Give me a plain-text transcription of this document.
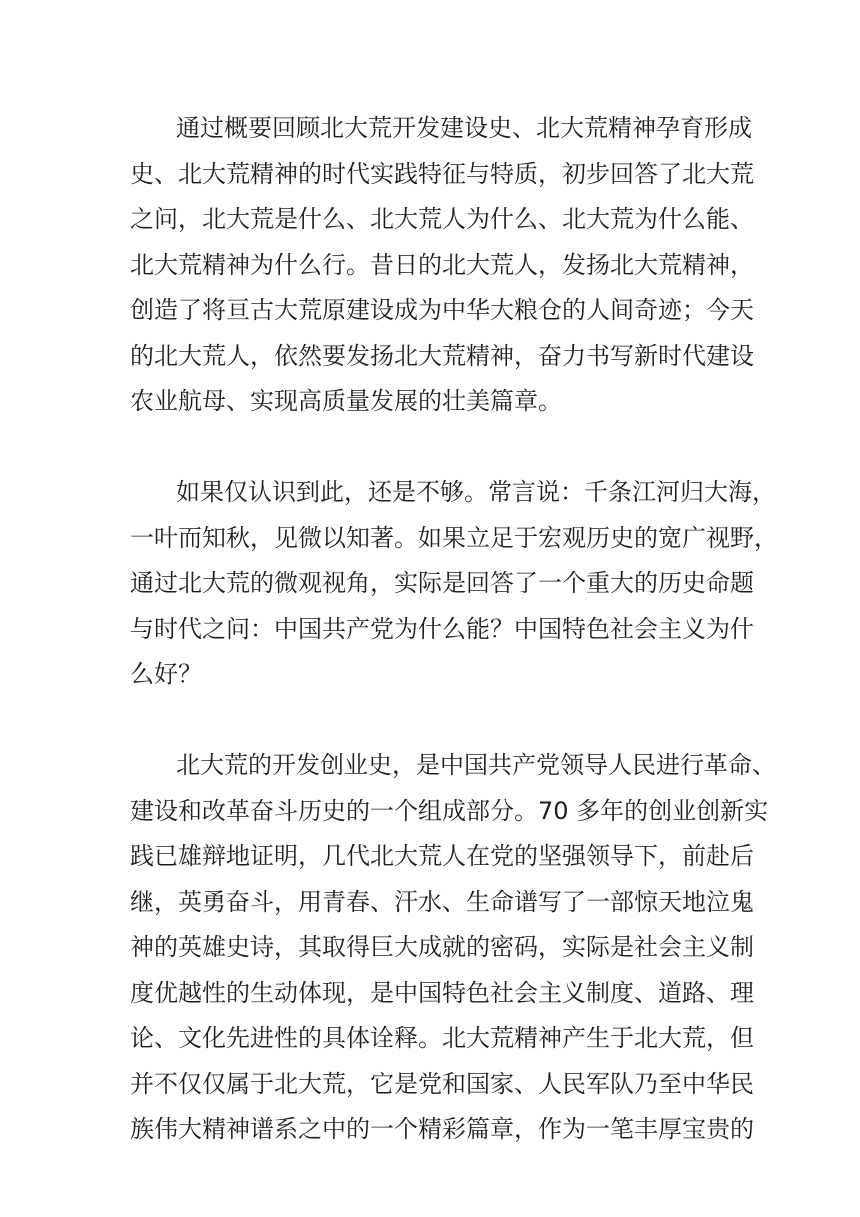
通过概要回顾北大荒开发建设史、北大荒精神孕育形成
史、北大荒精神的时代实践特征与特质，初步回答了北大荒
之问，北大荒是什么、北大荒人为什么、北大荒为什么能、
北大荒精神为什么行。昔日的北大荒人，发扬北大荒精神，
创造了将亘古大荒原建设成为中华大粮仓的人间奇迹；今天
的北大荒人，依然要发扬北大荒精神，奋力书写新时代建设
农业航母、实现高质量发展的壮美篇章。
如果仅认识到此，还是不够。常言说：千条江河归大海，
一叶而知秋，见微以知著。如果立足于宏观历史的宽广视野，
通过北大荒的微观视角，实际是回答了一个重大的历史命题
与时代之问：中国共产党为什么能？中国特色社会主义为什
么好？
北大荒的开发创业史，是中国共产党领导人民进行革命、
建设和改革奋斗历史的一个组成部分。70 多年的创业创新实
践已雄辩地证明，几代北大荒人在党的坚强领导下，前赴后
继，英勇奋斗，用青春、汗水、生命谱写了一部惊天地泣鬼
神的英雄史诗，其取得巨大成就的密码，实际是社会主义制
度优越性的生动体现，是中国特色社会主义制度、道路、理
论、文化先进性的具体诠释。北大荒精神产生于北大荒，但
并不仅仅属于北大荒，它是党和国家、人民军队乃至中华民
族伟大精神谱系之中的一个精彩篇章，作为一笔丰厚宝贵的
